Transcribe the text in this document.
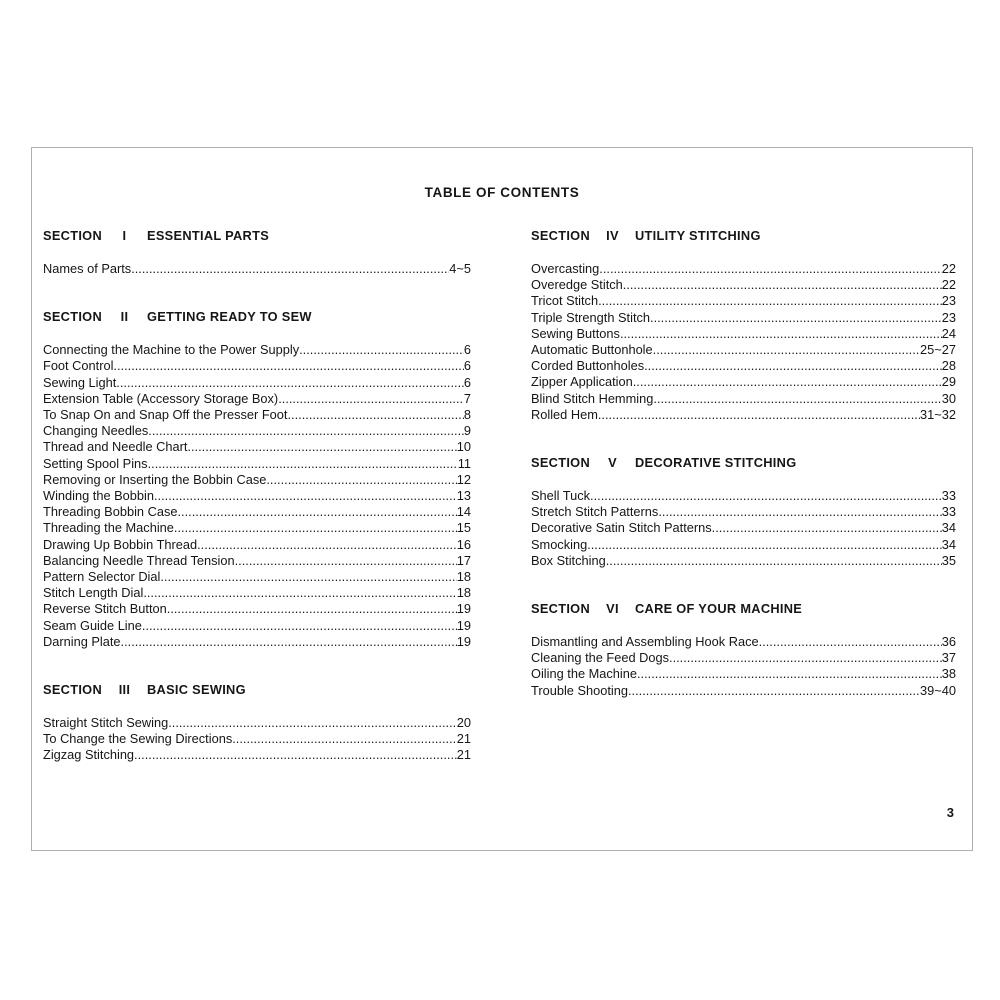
TABLE OF CONTENTS
SECTION	I	ESSENTIAL PARTS
Names of Parts .....	4~5
SECTION	II	GETTING READY TO SEW
Connecting the Machine to the Power Supply .....	6
Foot Control .....	6
Sewing Light .....	6
Extension Table (Accessory Storage Box) .....	7
To Snap On and Snap Off the Presser Foot .....	8
Changing Needles .....	9
Thread and Needle Chart .....	10
Setting Spool Pins .....	11
Removing or Inserting the Bobbin Case .....	12
Winding the Bobbin .....	13
Threading Bobbin Case .....	14
Threading the Machine .....	15
Drawing Up Bobbin Thread .....	16
Balancing Needle Thread Tension .....	17
Pattern Selector Dial .....	18
Stitch Length Dial .....	18
Reverse Stitch Button .....	19
Seam Guide Line .....	19
Darning Plate .....	19
SECTION	III	BASIC SEWING
Straight Stitch Sewing .....	20
To Change the Sewing Directions .....	21
Zigzag Stitching .....	21
SECTION	IV	UTILITY STITCHING
Overcasting .....	22
Overedge Stitch .....	22
Tricot Stitch .....	23
Triple Strength Stitch .....	23
Sewing Buttons .....	24
Automatic Buttonhole .....	25~27
Corded Buttonholes .....	28
Zipper Application .....	29
Blind Stitch Hemming .....	30
Rolled Hem .....	31~32
SECTION	V	DECORATIVE STITCHING
Shell Tuck .....	33
Stretch Stitch Patterns .....	33
Decorative Satin Stitch Patterns .....	34
Smocking .....	34
Box Stitching .....	35
SECTION	VI	CARE OF YOUR MACHINE
Dismantling and Assembling Hook Race .....	36
Cleaning the Feed Dogs .....	37
Oiling the Machine .....	38
Trouble Shooting .....	39~40
3
